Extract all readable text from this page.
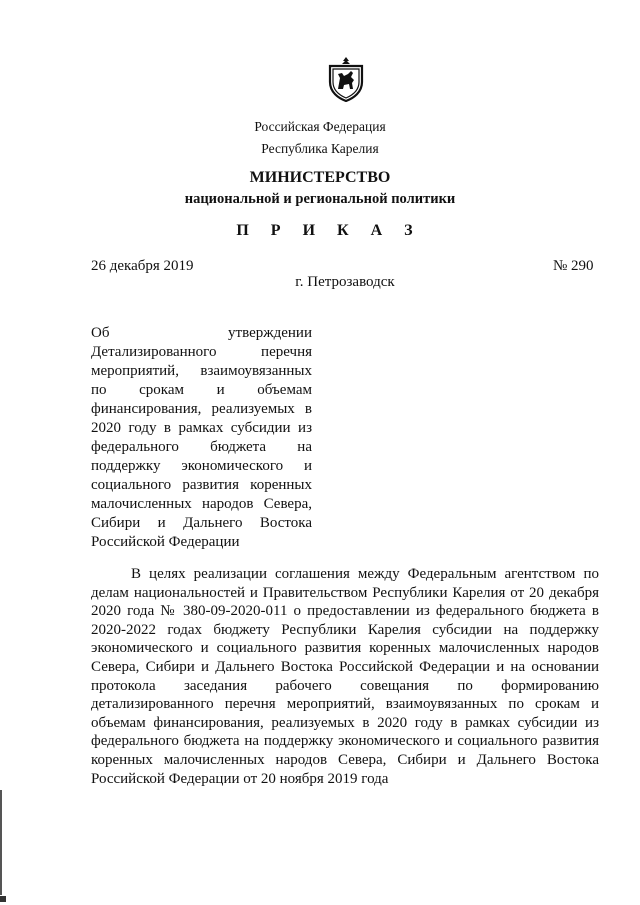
Российская Федерация
Республика Карелия
МИНИСТЕРСТВО
национальной и региональной политики
П Р И К А З
26 декабря 2019	№ 290
г. Петрозаводск
Об утверждении Детализированного перечня мероприятий, взаимоувязанных по срокам и объемам финансирования, реализуемых в 2020 году в рамках субсидии из федерального бюджета на поддержку экономического и социального развития коренных малочисленных народов Севера, Сибири и Дальнего Востока Российской Федерации
В целях реализации соглашения между Федеральным агентством по делам национальностей и Правительством Республики Карелия от 20 декабря 2020 года № 380-09-2020-011 о предоставлении из федерального бюджета в 2020-2022 годах бюджету Республики Карелия субсидии на поддержку экономического и социального развития коренных малочисленных народов Севера, Сибири и Дальнего Востока Российской Федерации и на основании протокола заседания рабочего совещания по формированию детализированного перечня мероприятий, взаимоувязанных по срокам и объемам финансирования, реализуемых в 2020 году в рамках субсидии из федерального бюджета на поддержку экономического и социального развития коренных малочисленных народов Севера, Сибири и Дальнего Востока Российской Федерации от 20 ноября 2019 года
